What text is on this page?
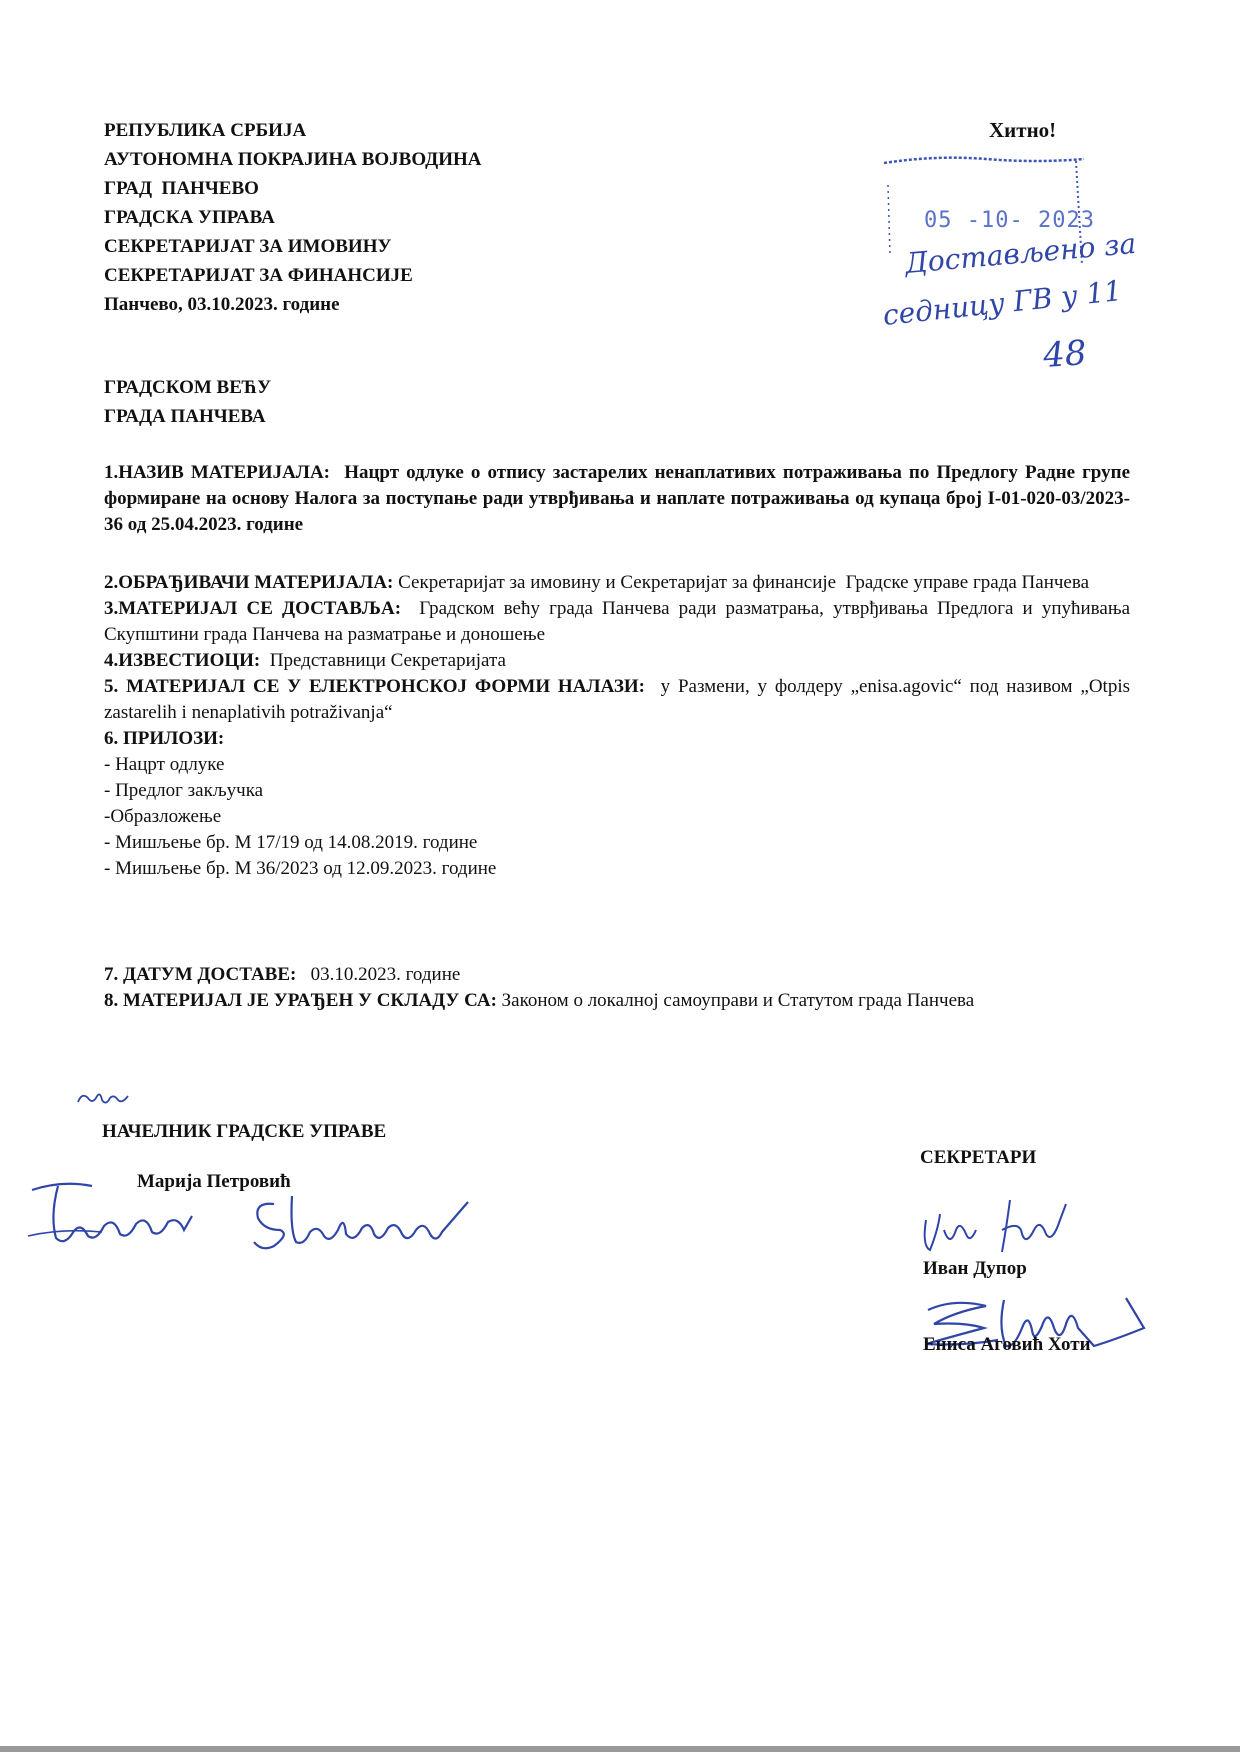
РЕПУБЛИКА СРБИЈА
АУТОНОМНА ПОКРАЈИНА ВОЈВОДИНА
ГРАД  ПАНЧЕВО
ГРАДСКА УПРАВА
СЕКРЕТАРИЈАТ ЗА ИМОВИНУ
СЕКРЕТАРИЈАТ ЗА ФИНАНСИЈЕ
Панчево, 03.10.2023. године
Хитно!
05 -10- 2023
Достављено за
седницу ГВ у 11
48
ГРАДСКОМ ВЕЋУ
ГРАДА ПАНЧЕВА
1.НАЗИВ МАТЕРИЈАЛА: Нацрт одлуке о отпису застарелих ненаплативих потраживања по Предлогу Радне групе формиране на основу Налога за поступање ради утврђивања и наплате потраживања од купаца број I-01-020-03/2023-36 од 25.04.2023. године
2.ОБРАЂИВАЧИ МАТЕРИЈАЛА: Секретаријат за имовину и Секретаријат за финансије  Градске управе града Панчева
3.МАТЕРИЈАЛ СЕ ДОСТАВЉА: Градском већу града Панчева ради разматрања, утврђивања Предлога и упућивања Скупштини града Панчева на разматрање и доношење
4.ИЗВЕСТИОЦИ: Представници Секретаријата
5. МАТЕРИЈАЛ СЕ У ЕЛЕКТРОНСКОЈ ФОРМИ НАЛАЗИ: у Размени, у фолдеру „enisa.agovic“ под називом „Otpis zastarelih i nenaplativih potraživanja“
6. ПРИЛОЗИ:
- Нацрт одлуке
- Предлог закључка
-Образложење
- Мишљење бр. М 17/19 од 14.08.2019. године
- Мишљење бр. М 36/2023 од 12.09.2023. године
7. ДАТУМ ДОСТАВЕ: 03.10.2023. године
8. МАТЕРИЈАЛ ЈЕ УРАЂЕН У СКЛАДУ СА: Законом о локалној самоуправи и Статутом града Панчева
НАЧЕЛНИК ГРАДСКЕ УПРАВЕ
Марија Петровић
СЕКРЕТАРИ
Иван Дупор
Ениса Аговић Хоти
